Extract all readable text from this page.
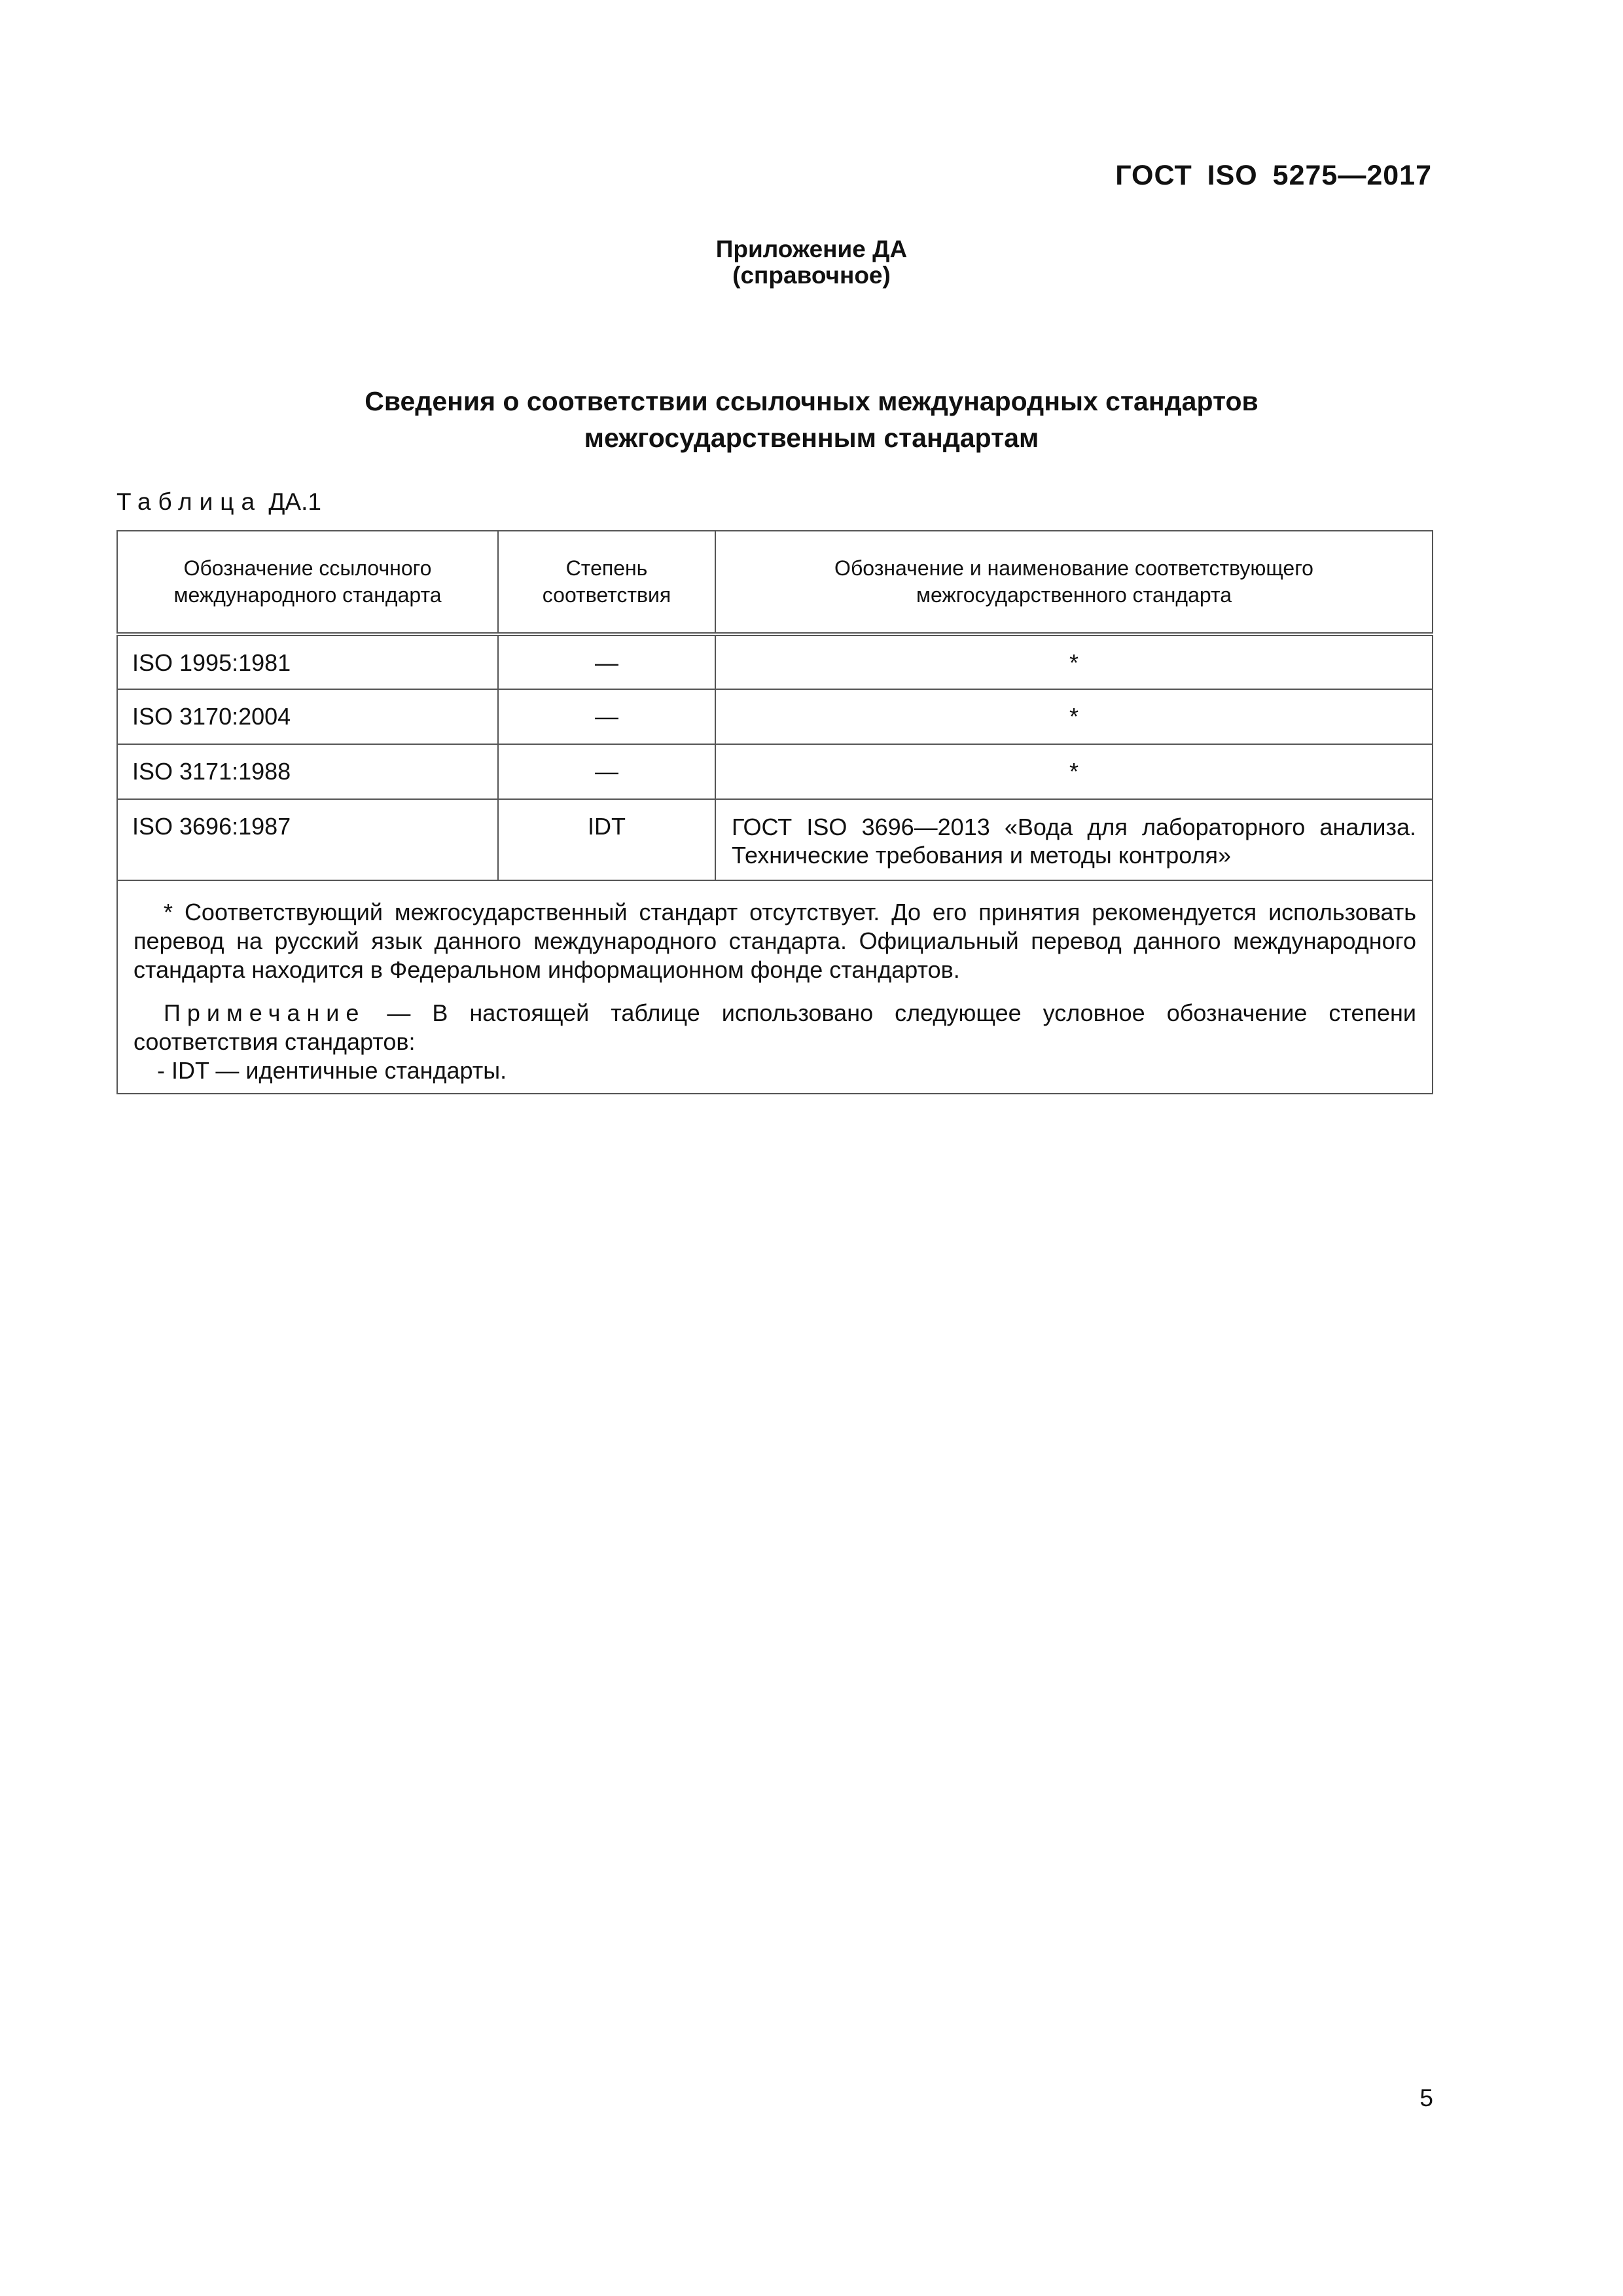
ГОСТ ISO 5275—2017
Приложение ДА
(справочное)
Сведения о соответствии ссылочных международных стандартов
межгосударственным стандартам
Таблица ДА.1
Обозначение ссылочного международного стандарта	Степень соответствия	Обозначение и наименование соответствующего межгосударственного стандарта

ISO 1995:1981	—	*
ISO 3170:2004	—	*
ISO 3171:1988	—	*
ISO 3696:1987	IDT	ГОСТ ISO 3696—2013 «Вода для лабораторного анализа. Технические требования и методы контроля»

* Соответствующий межгосударственный стандарт отсутствует. До его принятия рекомендуется использовать перевод на русский язык данного международного стандарта. Официальный перевод данного международного стандарта находится в Федеральном информационном фонде стандартов.

Примечание — В настоящей таблице использовано следующее условное обозначение степени соответствия стандартов:

- IDT — идентичные стандарты.		

5
